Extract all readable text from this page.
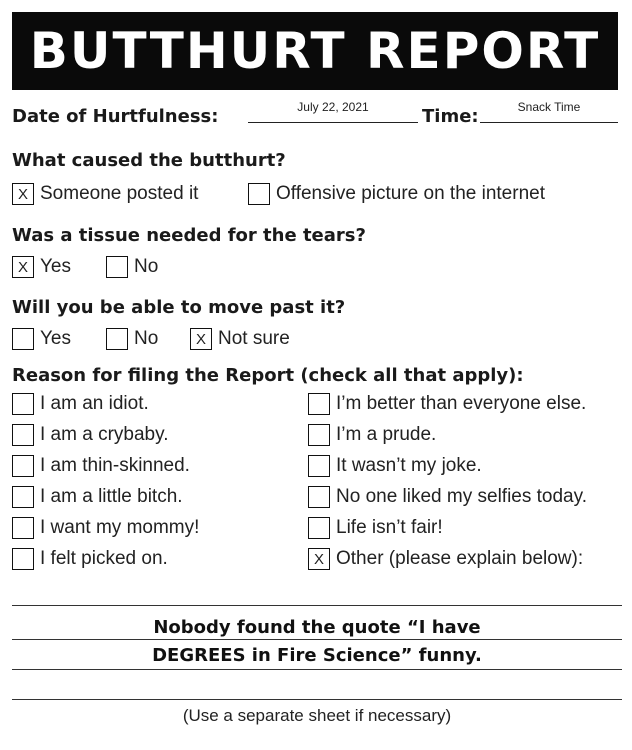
BUTTHURT REPORT
Date of Hurtfulness:	July 22, 2021	Time:	Snack Time
What caused the butthurt?
X Someone posted it	Offensive picture on the internet
Was a tissue needed for the tears?
X Yes	No
Will you be able to move past it?
Yes	No	X Not sure
Reason for filing the Report (check all that apply):
I am an idiot.
I am a crybaby.
I am thin-skinned.
I am a little bitch.
I want my mommy!
I felt picked on.
I’m better than everyone else.
I’m a prude.
It wasn’t my joke.
No one liked my selfies today.
Life isn’t fair!
X Other (please explain below):
Nobody found the quote “I have
DEGREES in Fire Science” funny.
(Use a separate sheet if necessary)
